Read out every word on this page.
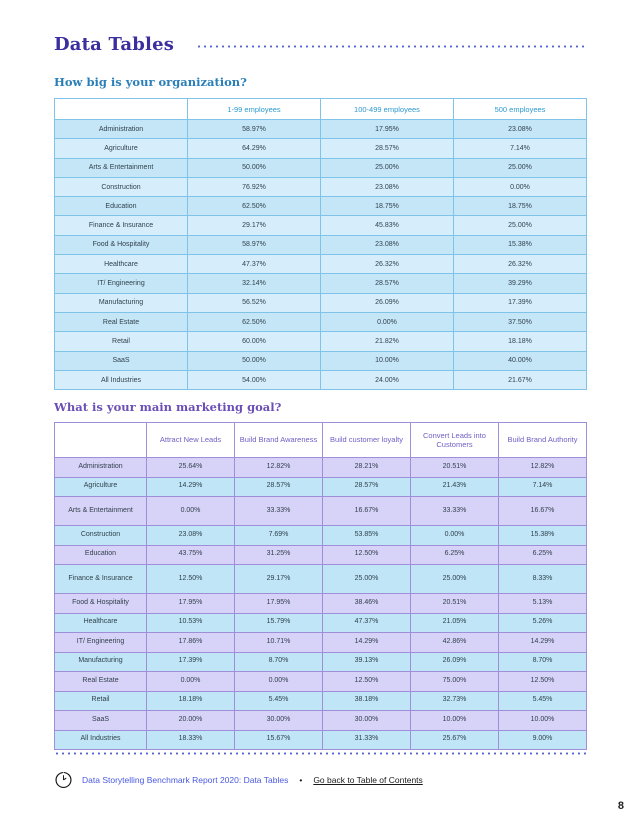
Data Tables
How big is your organization?
	1-99 employees	100-499 employees	500 employees
Administration	58.97%	17.95%	23.08%
Agriculture	64.29%	28.57%	7.14%
Arts & Entertainment	50.00%	25.00%	25.00%
Construction	76.92%	23.08%	0.00%
Education	62.50%	18.75%	18.75%
Finance & Insurance	29.17%	45.83%	25.00%
Food & Hospitality	58.97%	23.08%	15.38%
Healthcare	47.37%	26.32%	26.32%
IT/ Engineering	32.14%	28.57%	39.29%
Manufacturing	56.52%	26.09%	17.39%
Real Estate	62.50%	0.00%	37.50%
Retail	60.00%	21.82%	18.18%
SaaS	50.00%	10.00%	40.00%
All Industries	54.00%	24.00%	21.67%
What is your main marketing goal?
	Attract New Leads	Build Brand Awareness	Build customer loyalty	Convert Leads into Customers	Build Brand Authority
Administration	25.64%	12.82%	28.21%	20.51%	12.82%
Agriculture	14.29%	28.57%	28.57%	21.43%	7.14%
Arts & Entertainment	0.00%	33.33%	16.67%	33.33%	16.67%
Construction	23.08%	7.69%	53.85%	0.00%	15.38%
Education	43.75%	31.25%	12.50%	6.25%	6.25%
Finance & Insurance	12.50%	29.17%	25.00%	25.00%	8.33%
Food & Hospitality	17.95%	17.95%	38.46%	20.51%	5.13%
Healthcare	10.53%	15.79%	47.37%	21.05%	5.26%
IT/ Engineering	17.86%	10.71%	14.29%	42.86%	14.29%
Manufacturing	17.39%	8.70%	39.13%	26.09%	8.70%
Real Estate	0.00%	0.00%	12.50%	75.00%	12.50%
Retail	18.18%	5.45%	38.18%	32.73%	5.45%
SaaS	20.00%	30.00%	30.00%	10.00%	10.00%
All Industries	18.33%	15.67%	31.33%	25.67%	9.00%
Data Storytelling Benchmark Report 2020: Data Tables • Go back to Table of Contents
8
